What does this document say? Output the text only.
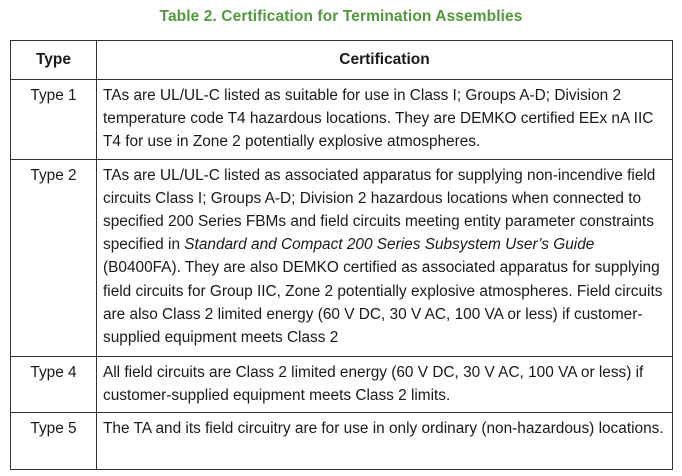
Table 2. Certification for Termination Assemblies
Type	Certification
Type 1	TAs are UL/UL-C listed as suitable for use in Class I; Groups A-D; Division 2 temperature code T4 hazardous locations. They are DEMKO certified EEx nA IIC T4 for use in Zone 2 potentially explosive atmospheres.
Type 2	TAs are UL/UL-C listed as associated apparatus for supplying non-incendive field circuits Class I; Groups A-D; Division 2 hazardous locations when connected to specified 200 Series FBMs and field circuits meeting entity parameter constraints specified in Standard and Compact 200 Series Subsystem User’s Guide (B0400FA). They are also DEMKO certified as associated apparatus for supplying field circuits for Group IIC, Zone 2 potentially explosive atmospheres. Field circuits are also Class 2 limited energy (60 V DC, 30 V AC, 100 VA or less) if customer-supplied equipment meets Class 2
Type 4	All field circuits are Class 2 limited energy (60 V DC, 30 V AC, 100 VA or less) if customer-supplied equipment meets Class 2 limits.
Type 5	The TA and its field circuitry are for use in only ordinary (non-hazardous) locations.
